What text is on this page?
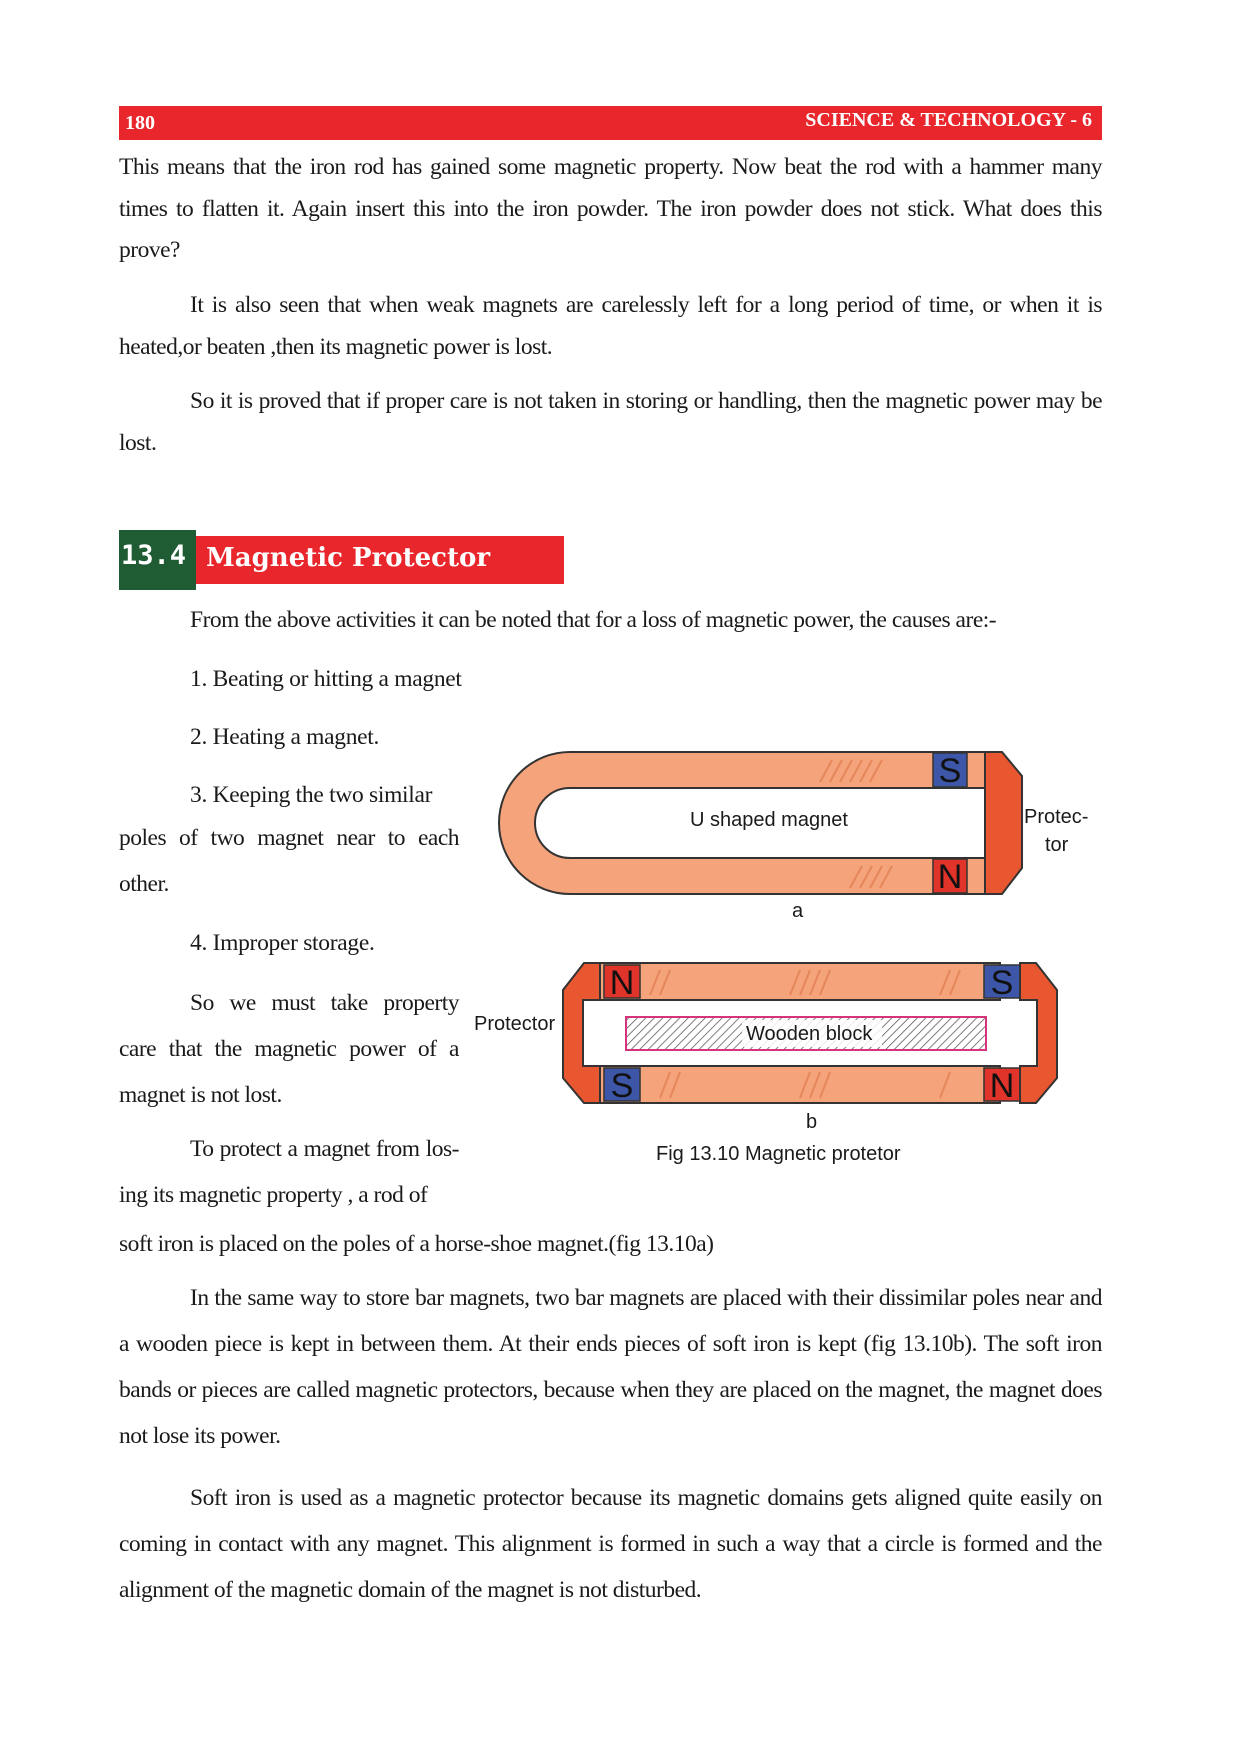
180	SCIENCE & TECHNOLOGY - 6

This means that the iron rod has gained some magnetic property. Now beat the rod with a hammer many times to flatten it. Again insert this into the iron powder. The iron powder does not stick. What does this prove?

It is also seen that when weak magnets are carelessly left for a long period of time, or when it is heated,or beaten ,then its magnetic power is lost.

So it is proved that if proper care is not taken in storing or handling, then the magnetic power may be lost.

13.4 Magnetic Protector

From the above activities it can be noted that for a loss of magnetic power, the causes are:-

1. Beating or hitting a magnet

2. Heating a magnet.

3. Keeping the two similar

poles of two magnet near to each other.

4. Improper storage.

So we must take property care that the magnetic power of a magnet is not lost.

To protect a magnet from los- ing its magnetic property , a rod of

soft iron is placed on the poles of a horse-shoe magnet.(fig 13.10a)

S
N
N	S
S	N
U shaped magnet	Protec-
tor
a
Protector	Wooden block
b
Fig 13.10 Magnetic protetor

In the same way to store bar magnets, two bar magnets are placed with their dissimilar poles near and a wooden piece is kept in between them. At their ends pieces of soft iron is kept (fig 13.10b). The soft iron bands or pieces are called magnetic protectors, because when they are placed on the magnet, the magnet does not lose its power.

Soft iron is used as a magnetic protector because its magnetic domains gets aligned quite easily on coming in contact with any magnet. This alignment is formed in such a way that a circle is formed and the alignment of the magnetic domain of the magnet is not disturbed.
